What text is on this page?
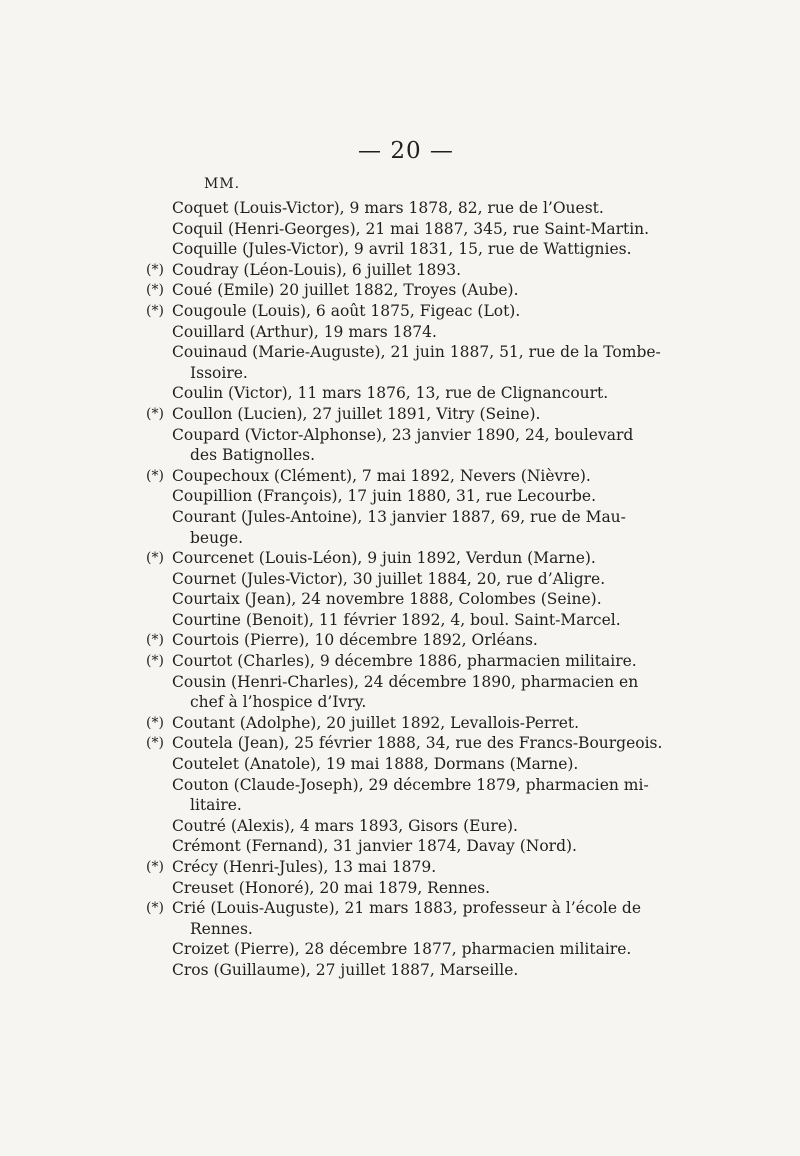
— 20 —
MM.
Coquet (Louis-Victor), 9 mars 1878, 82, rue de l’Ouest.
Coquil (Henri-Georges), 21 mai 1887, 345, rue Saint-Martin.
Coquille (Jules-Victor), 9 avril 1831, 15, rue de Wattignies.
(*) Coudray (Léon-Louis), 6 juillet 1893.
(*) Coué (Emile) 20 juillet 1882, Troyes (Aube).
(*) Cougoule (Louis), 6 août 1875, Figeac (Lot).
Couillard (Arthur), 19 mars 1874.
Couinaud (Marie-Auguste), 21 juin 1887, 51, rue de la Tombe-
Issoire.
Coulin (Victor), 11 mars 1876, 13, rue de Clignancourt.
(*) Coullon (Lucien), 27 juillet 1891, Vitry (Seine).
Coupard (Victor-Alphonse), 23 janvier 1890, 24, boulevard
des Batignolles.
(*) Coupechoux (Clément), 7 mai 1892, Nevers (Nièvre).
Coupillion (François), 17 juin 1880, 31, rue Lecourbe.
Courant (Jules-Antoine), 13 janvier 1887, 69, rue de Mau-
beuge.
(*) Courcenet (Louis-Léon), 9 juin 1892, Verdun (Marne).
Cournet (Jules-Victor), 30 juillet 1884, 20, rue d’Aligre.
Courtaix (Jean), 24 novembre 1888, Colombes (Seine).
Courtine (Benoit), 11 février 1892, 4, boul. Saint-Marcel.
(*) Courtois (Pierre), 10 décembre 1892, Orléans.
(*) Courtot (Charles), 9 décembre 1886, pharmacien militaire.
Cousin (Henri-Charles), 24 décembre 1890, pharmacien en
chef à l’hospice d’Ivry.
(*) Coutant (Adolphe), 20 juillet 1892, Levallois-Perret.
(*) Coutela (Jean), 25 février 1888, 34, rue des Francs-Bourgeois.
Coutelet (Anatole), 19 mai 1888, Dormans (Marne).
Couton (Claude-Joseph), 29 décembre 1879, pharmacien mi-
litaire.
Coutré (Alexis), 4 mars 1893, Gisors (Eure).
Crémont (Fernand), 31 janvier 1874, Davay (Nord).
(*) Crécy (Henri-Jules), 13 mai 1879.
Creuset (Honoré), 20 mai 1879, Rennes.
(*) Crié (Louis-Auguste), 21 mars 1883, professeur à l’école de
Rennes.
Croizet (Pierre), 28 décembre 1877, pharmacien militaire.
Cros (Guillaume), 27 juillet 1887, Marseille.
